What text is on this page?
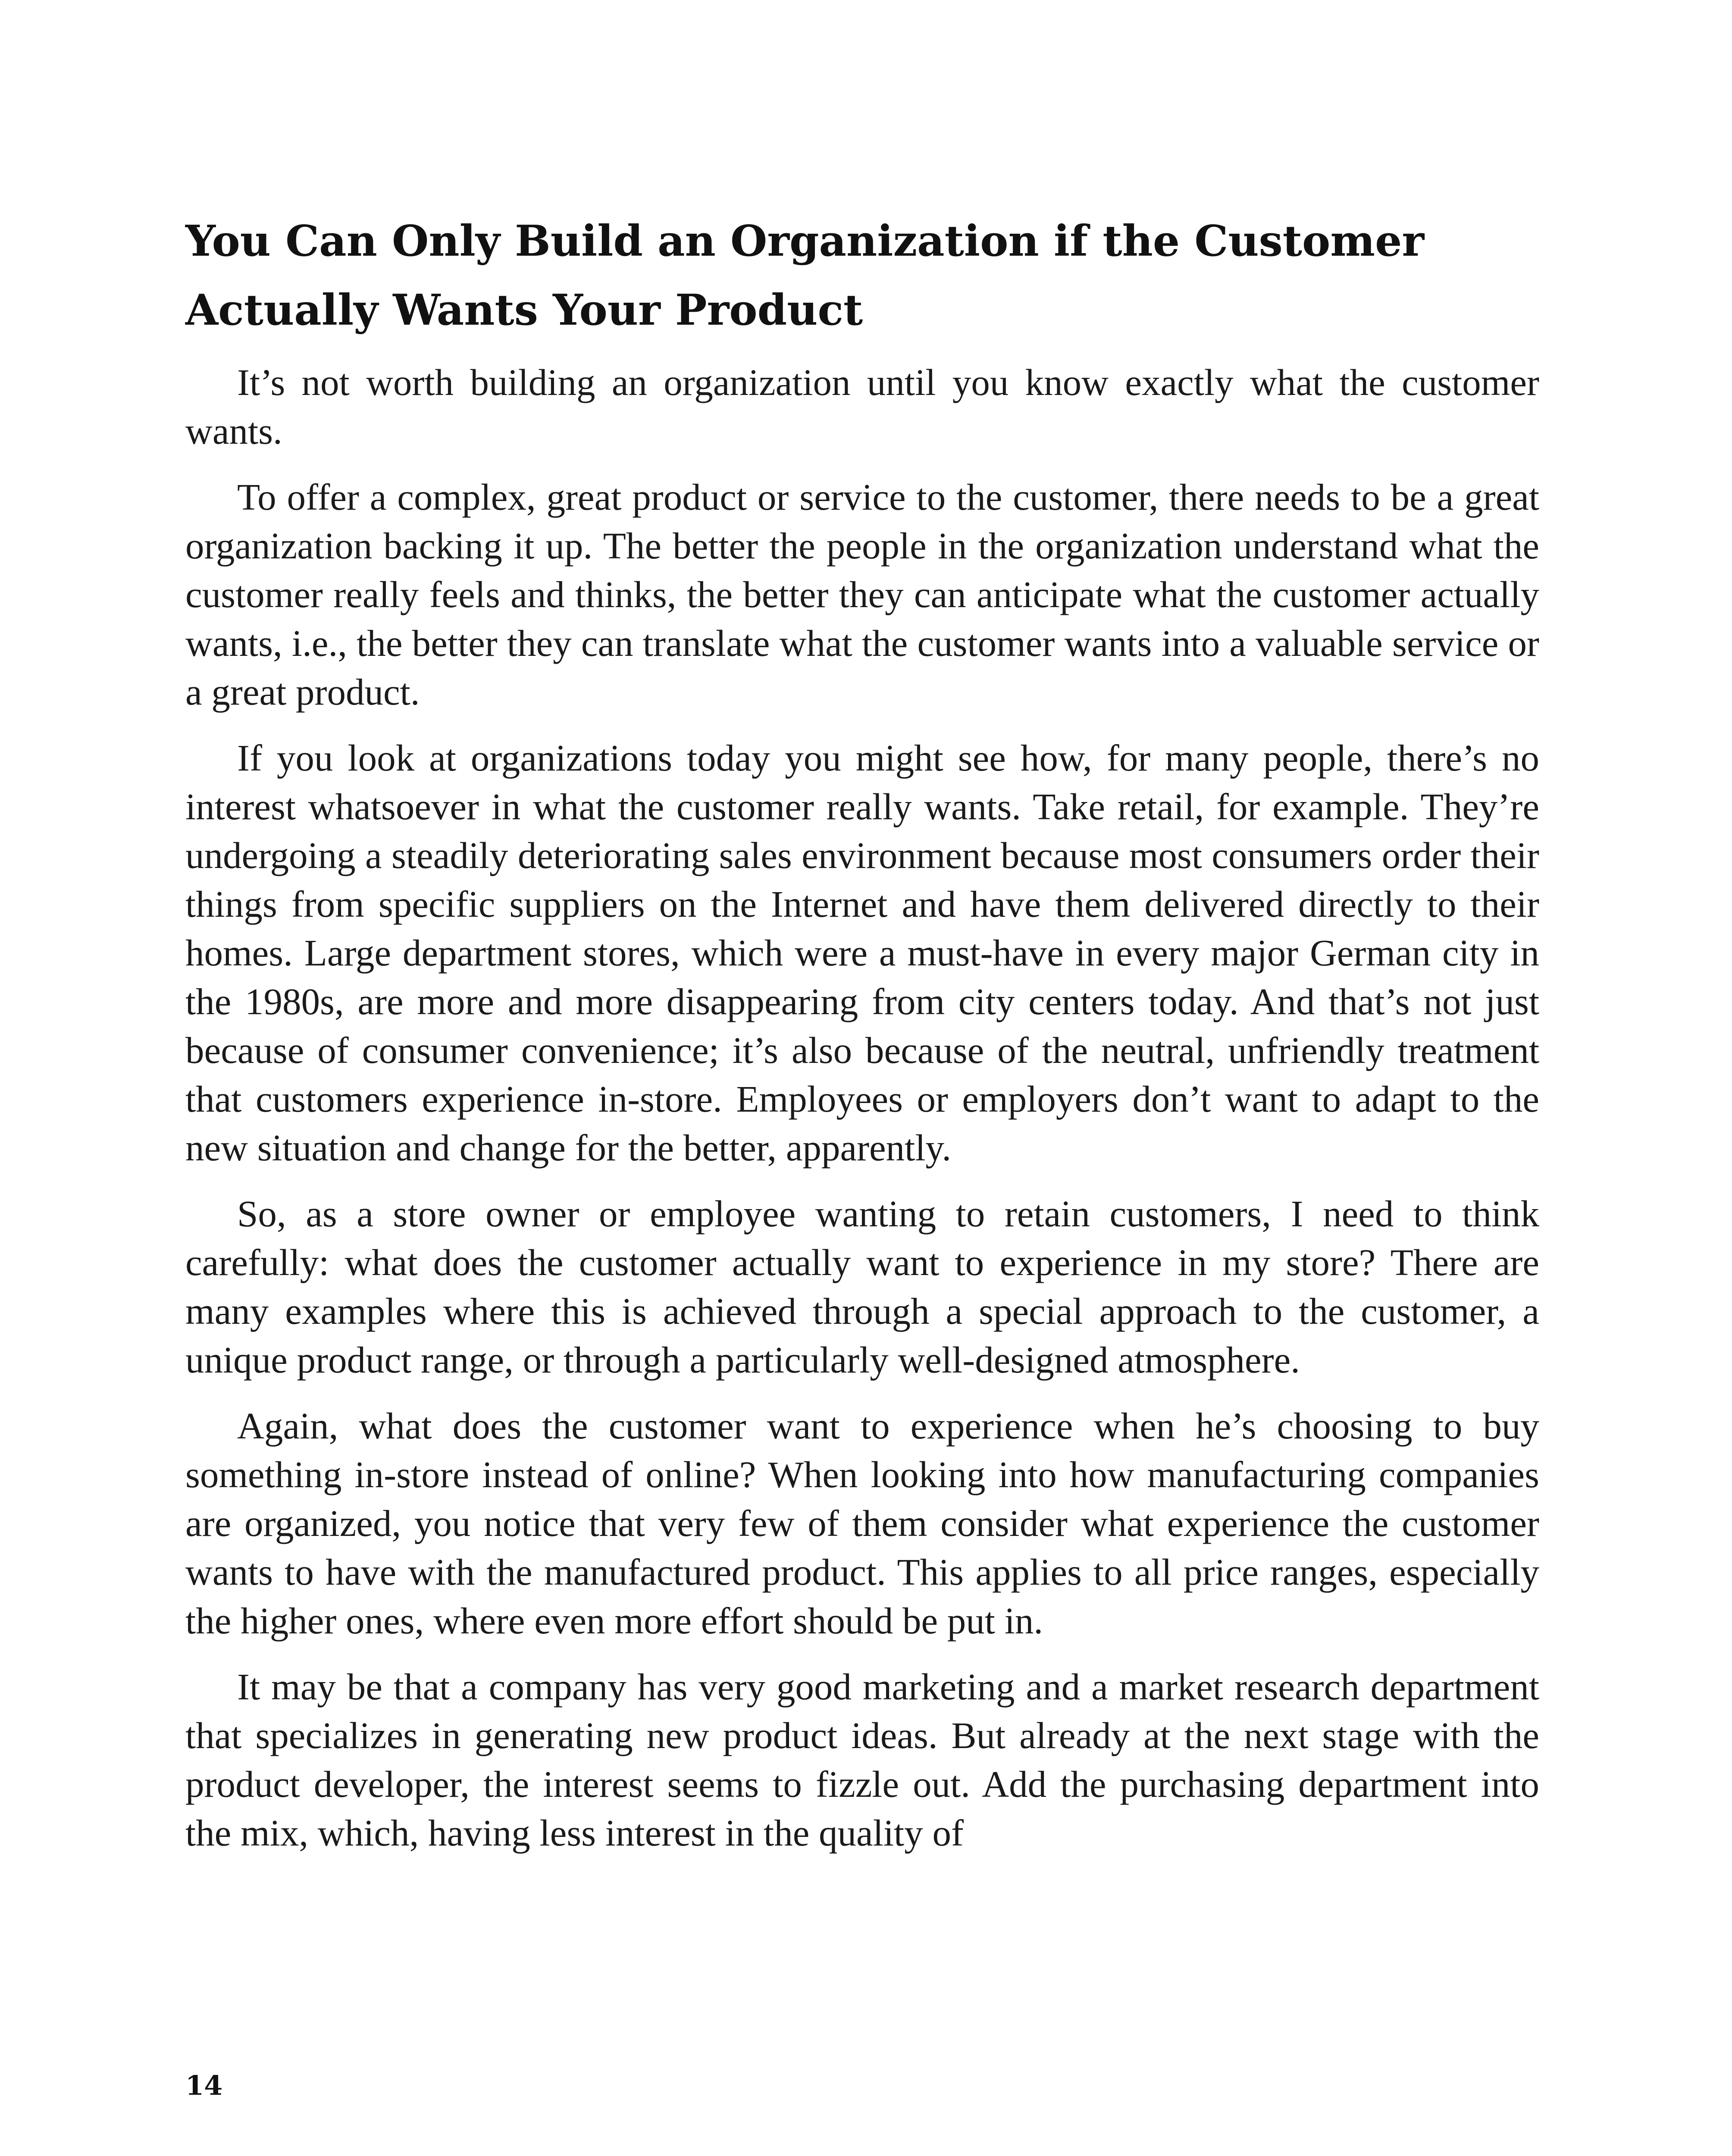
You Can Only Build an Organization if the Customer Actually Wants Your Product

It’s not worth building an organization until you know exactly what the customer wants.

To offer a complex, great product or service to the customer, there needs to be a great organization backing it up. The better the people in the organization understand what the customer really feels and thinks, the better they can anticipate what the customer actually wants, i.e., the better they can translate what the customer wants into a valuable service or a great product.

If you look at organizations today you might see how, for many people, there’s no interest whatsoever in what the customer really wants. Take retail, for example. They’re undergoing a steadily deteriorating sales environment because most consumers order their things from specific suppliers on the Internet and have them delivered directly to their homes. Large department stores, which were a must-have in every major German city in the 1980s, are more and more disappearing from city centers today. And that’s not just because of consumer convenience; it’s also because of the neutral, unfriendly treatment that customers experience in-store. Employees or employers don’t want to adapt to the new situation and change for the better, apparently.

So, as a store owner or employee wanting to retain customers, I need to think carefully: what does the customer actually want to experience in my store? There are many examples where this is achieved through a special approach to the customer, a unique product range, or through a particularly well-designed atmosphere.

Again, what does the customer want to experience when he’s choosing to buy something in-store instead of online? When looking into how manufacturing companies are organized, you notice that very few of them consider what experience the customer wants to have with the manufactured product. This applies to all price ranges, especially the higher ones, where even more effort should be put in.

It may be that a company has very good marketing and a market research department that specializes in generating new product ideas. But already at the next stage with the product developer, the interest seems to fizzle out. Add the purchasing department into the mix, which, having less interest in the quality of

14
